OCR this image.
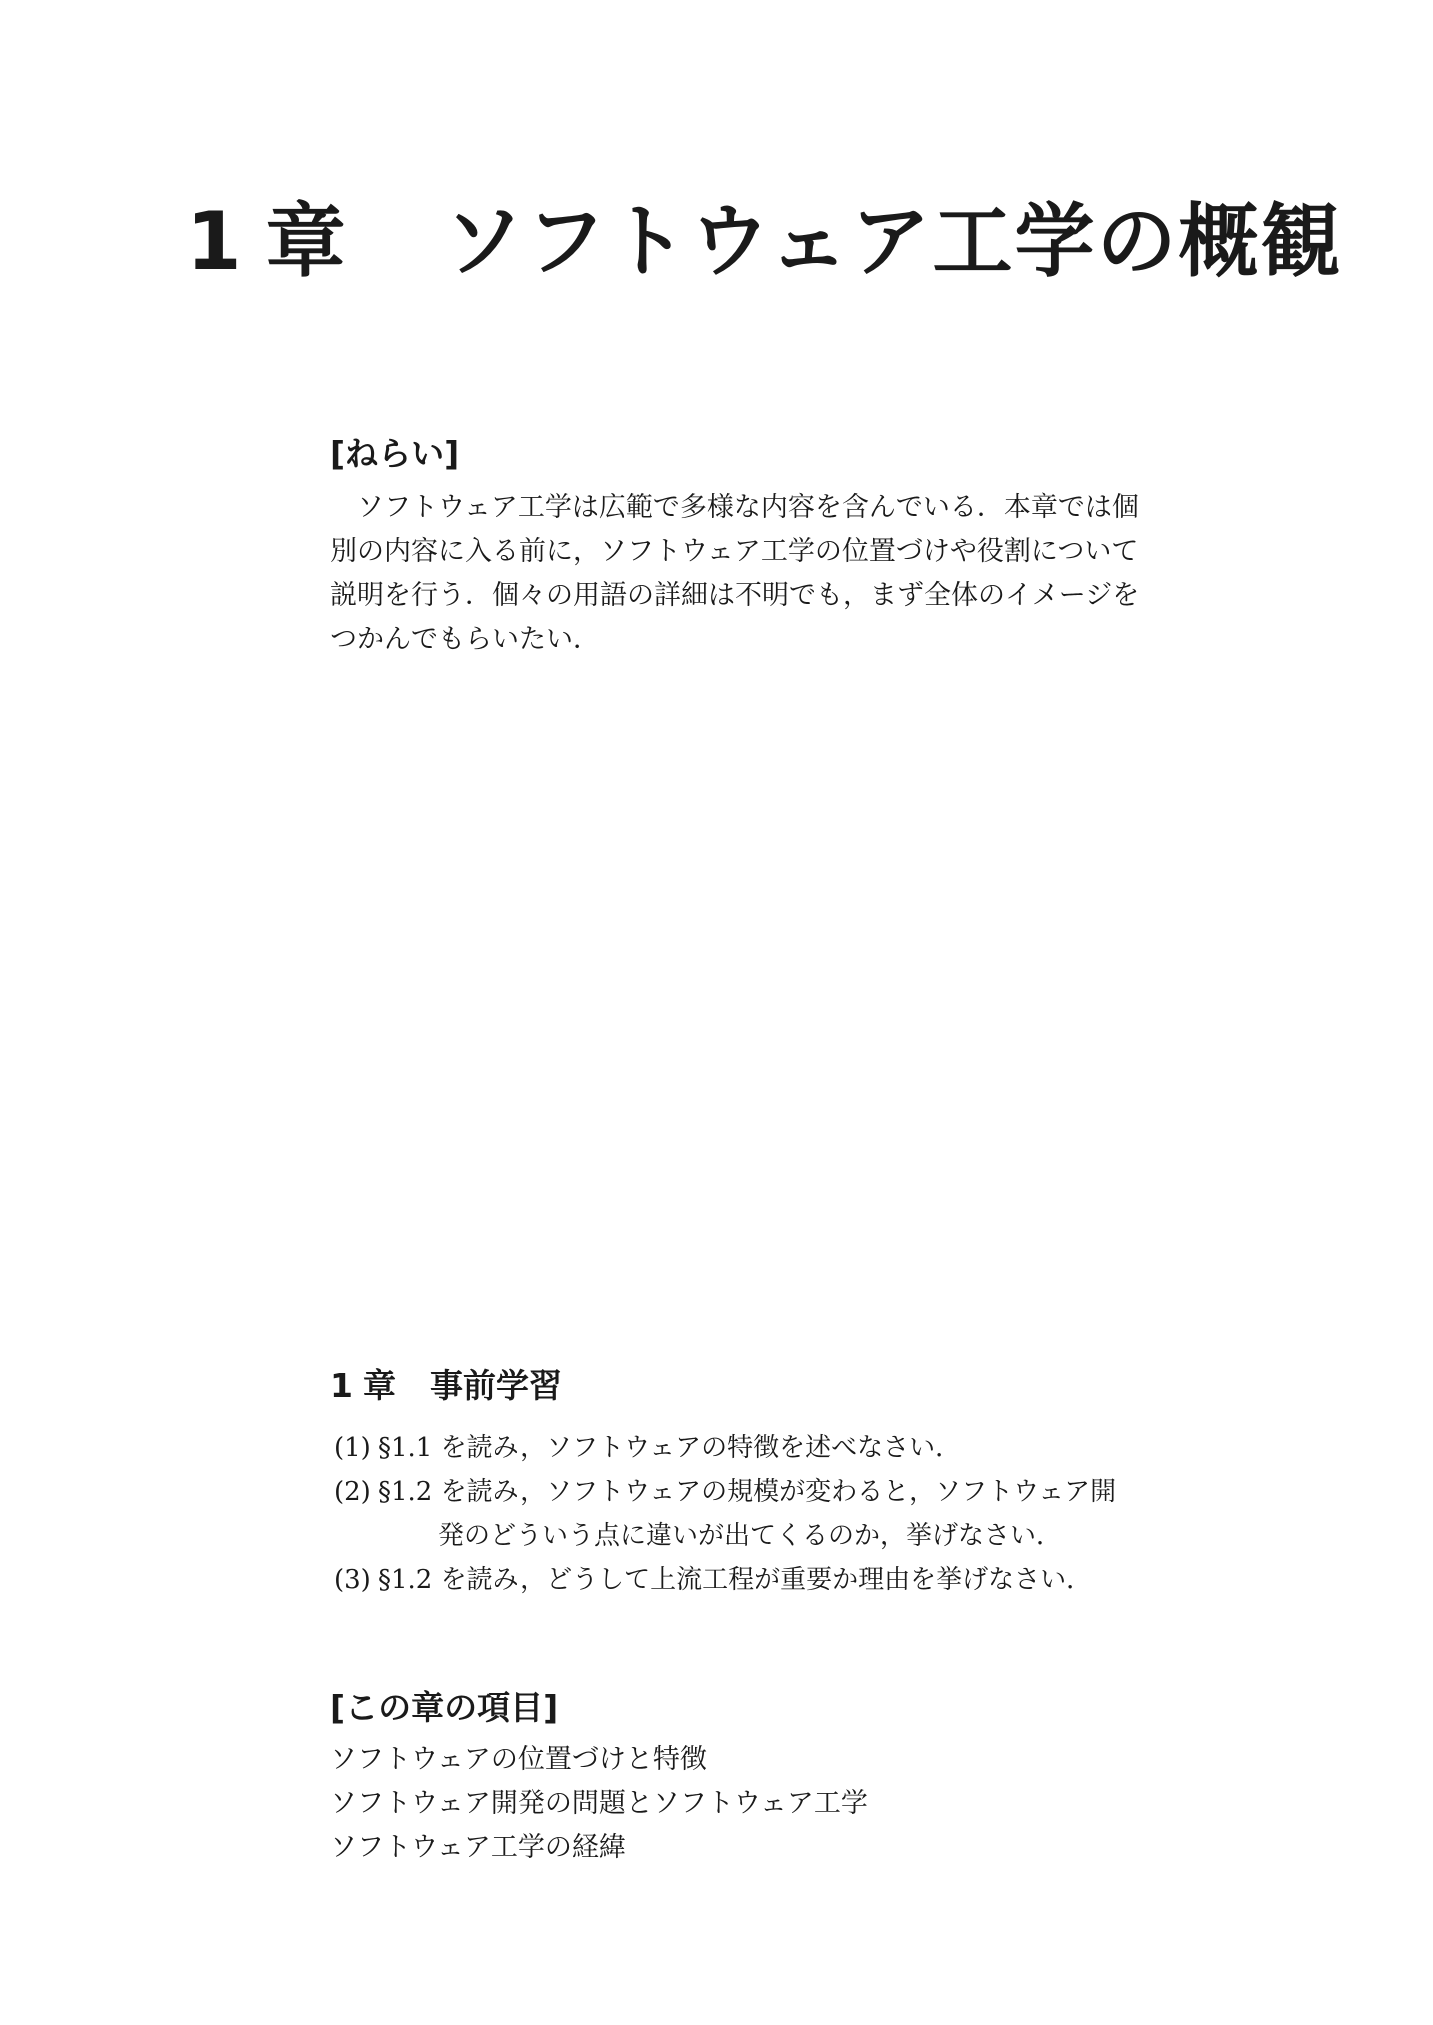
1 章 ソフトウェア工学の概観
[ねらい]

ソフトウェア工学は広範で多様な内容を含んでいる．本章では個
別の内容に入る前に，ソフトウェア工学の位置づけや役割について
説明を行う．個々の用語の詳細は不明でも，まず全体のイメージを
つかんでもらいたい．

1 章 事前学習
(1) §1.1 を読み，ソフトウェアの特徴を述べなさい．
(2) §1.2 を読み，ソフトウェアの規模が変わると，ソフトウェア開
発のどういう点に違いが出てくるのか，挙げなさい．
(3) §1.2 を読み，どうして上流工程が重要か理由を挙げなさい．
[この章の項目]
ソフトウェアの位置づけと特徴
ソフトウェア開発の問題とソフトウェア工学
ソフトウェア工学の経緯
